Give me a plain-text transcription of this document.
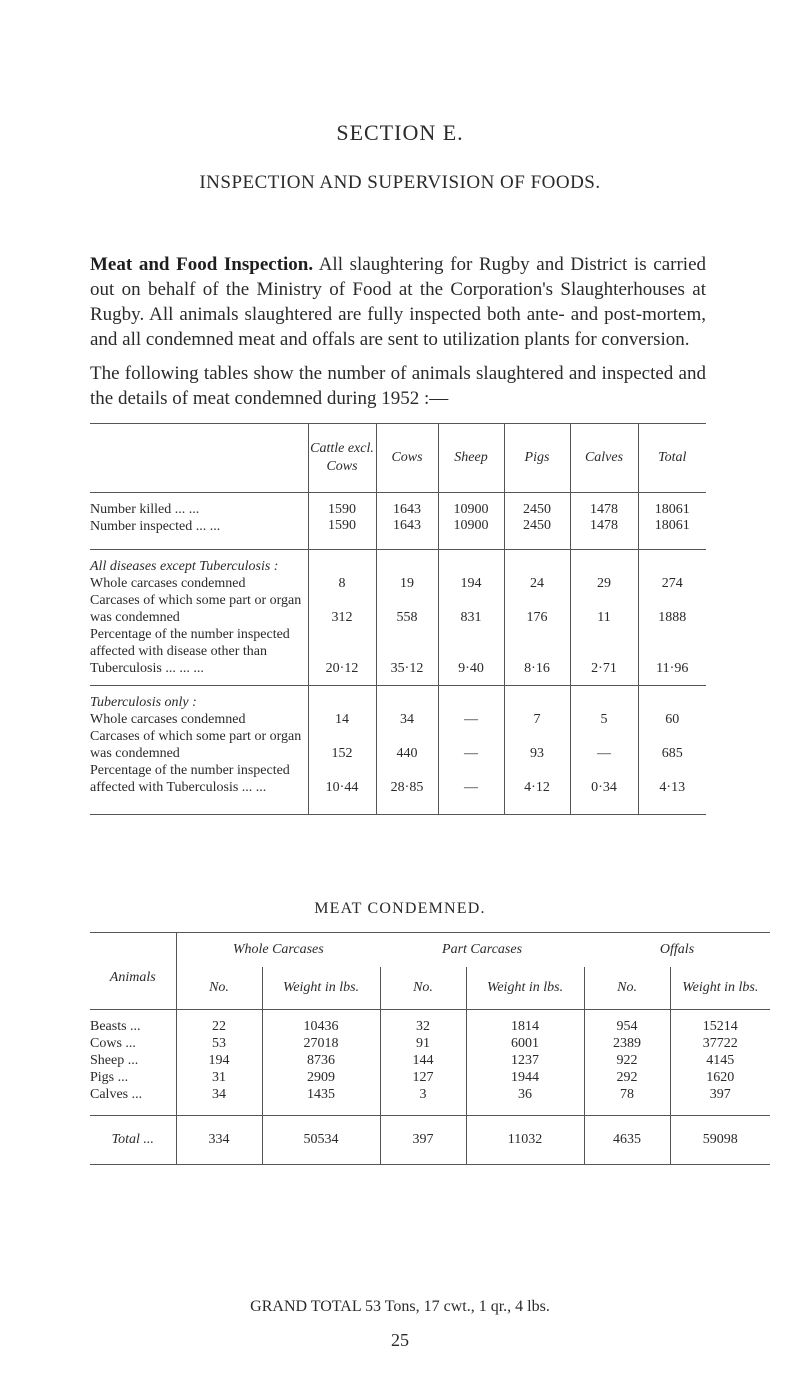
SECTION E.
INSPECTION AND SUPERVISION OF FOODS.

Meat and Food Inspection. All slaughtering for Rugby and District is carried out on behalf of the Ministry of Food at the Corporation's Slaughterhouses at Rugby. All animals slaughtered are fully inspected both ante- and post-mortem, and all condemned meat and offals are sent to utilization plants for conversion.

The following tables show the number of animals slaughtered and inspected and the details of meat condemned during 1952 :—

	Cattle excl. Cows	Cows	Sheep	Pigs	Calves	Total

Number killed ... ...	1590	1643	10900	2450	1478	18061
Number inspected ... ...	1590	1643	10900	2450	1478	18061

All diseases except Tuberculosis :						
Whole carcases condemned	8	19	194	24	29	274
Carcases of which some part or organ was condemned	312	558	831	176	11	1888
Percentage of the number inspected affected with disease other than Tuberculosis ... ... ...	20·12	35·12	9·40	8·16	2·71	11·96

Tuberculosis only :						
Whole carcases condemned	14	34	—	7	5	60
Carcases of which some part or organ was condemned	152	440	—	93	—	685
Percentage of the number inspected affected with Tuberculosis ... ...	10·44	28·85	—	4·12	0·34	4·13
MEAT CONDEMNED.
Animals	Whole Carcases		Part Carcases		Offals	
	No.	Weight in lbs.	No.	Weight in lbs.	No.	Weight in lbs.
Beasts ...	22	10436	32	1814	954	15214
Cows ...	53	27018	91	6001	2389	37722
Sheep ...	194	8736	144	1237	922	4145
Pigs ...	31	2909	127	1944	292	1620
Calves ...	34	1435	3	36	78	397
Total ...	334	50534	397	11032	4635	59098
GRAND TOTAL 53 Tons, 17 cwt., 1 qr., 4 lbs.
25
